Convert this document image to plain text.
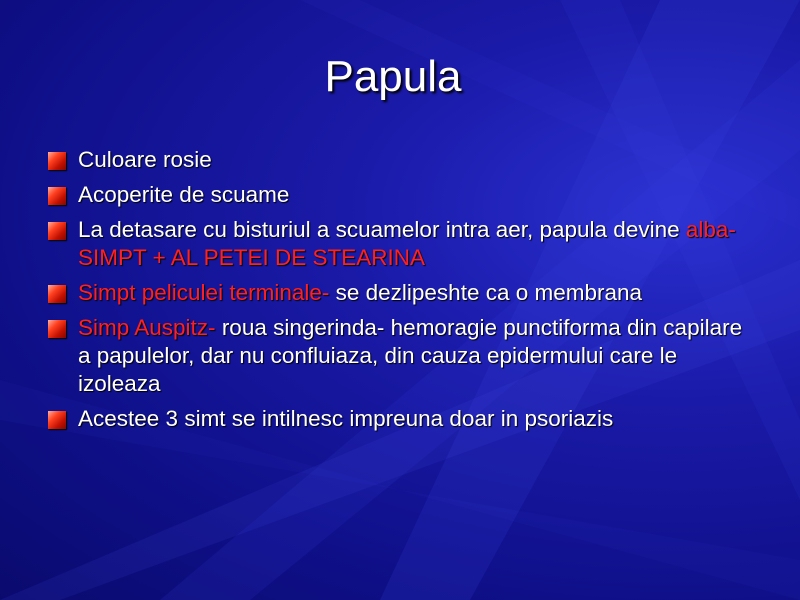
Papula
Culoare rosie
Acoperite de scuame
La detasare cu bisturiul a scuamelor intra aer, papula devine alba- SIMPT + AL PETEI DE STEARINA
Simpt peliculei terminale- se dezlipeshte ca o membrana
Simp Auspitz- roua singerinda- hemoragie punctiforma din capilare a papulelor, dar nu confluiaza, din cauza epidermului care le izoleaza
Acestee 3 simt se intilnesc impreuna doar in psoriazis
